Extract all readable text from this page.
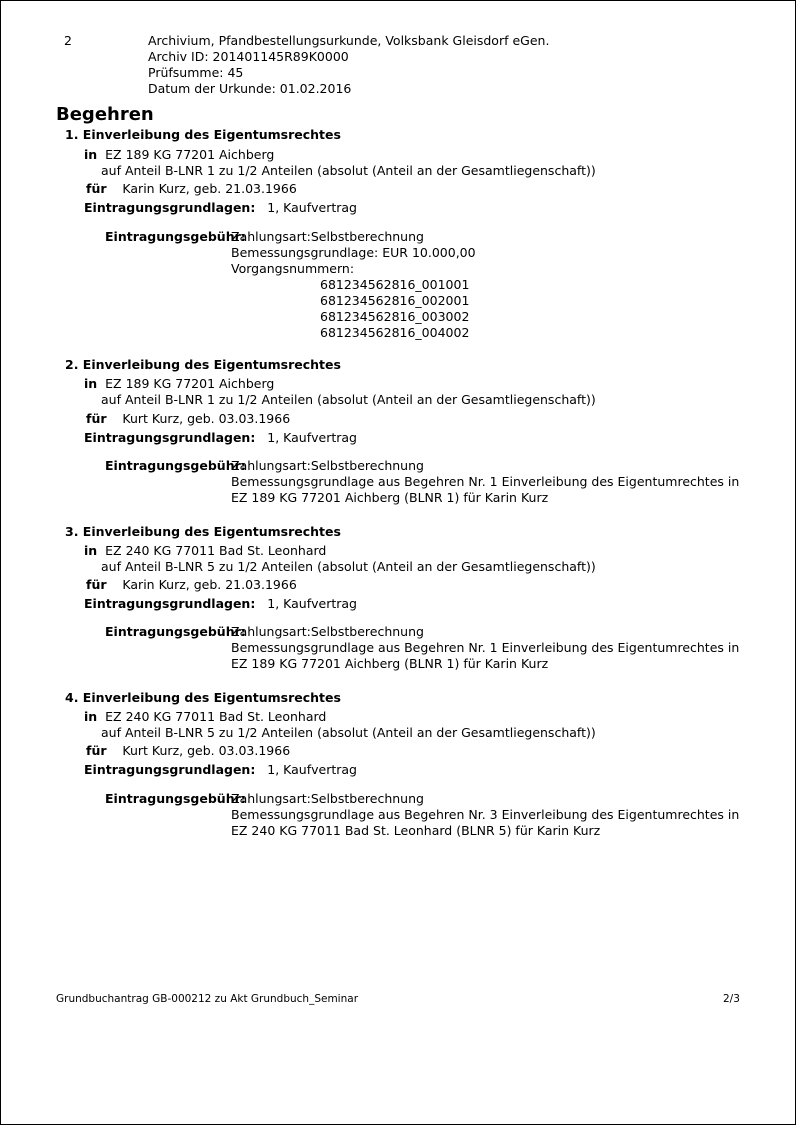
2	Archivium, Pfandbestellungsurkunde, Volksbank Gleisdorf eGen.
Archiv ID: 201401145R89K0000
Prüfsumme: 45
Datum der Urkunde: 01.02.2016
Begehren
1. Einverleibung des Eigentumsrechtes
in EZ 189 KG 77201 Aichberg
auf Anteil B-LNR 1 zu 1/2 Anteilen (absolut (Anteil an der Gesamtliegenschaft))
für Karin Kurz, geb. 21.03.1966
Eintragungsgrundlagen: 1, Kaufvertrag
Eintragungsgebühr:
Zahlungsart:Selbstberechnung
Bemessungsgrundlage: EUR 10.000,00
Vorgangsnummern:
681234562816_001001
681234562816_002001
681234562816_003002
681234562816_004002
2. Einverleibung des Eigentumsrechtes
in EZ 189 KG 77201 Aichberg
auf Anteil B-LNR 1 zu 1/2 Anteilen (absolut (Anteil an der Gesamtliegenschaft))
für Kurt Kurz, geb. 03.03.1966
Eintragungsgrundlagen: 1, Kaufvertrag
Eintragungsgebühr:
Zahlungsart:Selbstberechnung
Bemessungsgrundlage aus Begehren Nr. 1 Einverleibung des Eigentumrechtes in
EZ 189 KG 77201 Aichberg (BLNR 1) für Karin Kurz
3. Einverleibung des Eigentumsrechtes
in EZ 240 KG 77011 Bad St. Leonhard
auf Anteil B-LNR 5 zu 1/2 Anteilen (absolut (Anteil an der Gesamtliegenschaft))
für Karin Kurz, geb. 21.03.1966
Eintragungsgrundlagen: 1, Kaufvertrag
Eintragungsgebühr:
Zahlungsart:Selbstberechnung
Bemessungsgrundlage aus Begehren Nr. 1 Einverleibung des Eigentumrechtes in
EZ 189 KG 77201 Aichberg (BLNR 1) für Karin Kurz
4. Einverleibung des Eigentumsrechtes
in EZ 240 KG 77011 Bad St. Leonhard
auf Anteil B-LNR 5 zu 1/2 Anteilen (absolut (Anteil an der Gesamtliegenschaft))
für Kurt Kurz, geb. 03.03.1966
Eintragungsgrundlagen: 1, Kaufvertrag
Eintragungsgebühr:
Zahlungsart:Selbstberechnung
Bemessungsgrundlage aus Begehren Nr. 3 Einverleibung des Eigentumrechtes in
EZ 240 KG 77011 Bad St. Leonhard (BLNR 5) für Karin Kurz
Grundbuchantrag GB-000212 zu Akt Grundbuch_Seminar	2/3
